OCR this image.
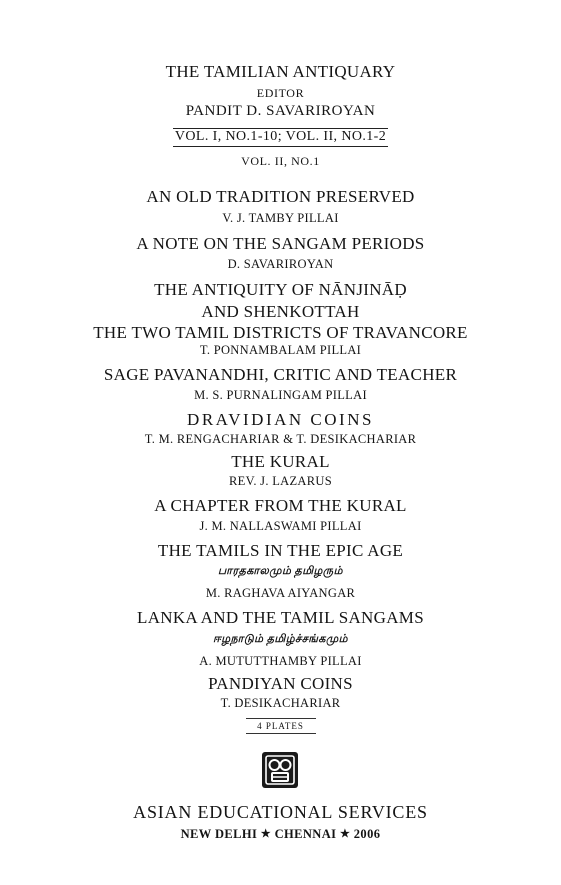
THE TAMILIAN ANTIQUARY
EDITOR
PANDIT D. SAVARIROYAN
VOL. I, NO.1-10; VOL. II, NO.1-2
VOL. II, NO.1
AN OLD TRADITION PRESERVED
V. J. TAMBY PILLAI
A NOTE ON THE SANGAM PERIODS
D. SAVARIROYAN
THE ANTIQUITY OF NĀNJINĀḌ
AND SHENKOTTAH
THE TWO TAMIL DISTRICTS OF TRAVANCORE
T. PONNAMBALAM PILLAI
SAGE PAVANANDHI, CRITIC AND TEACHER
M. S. PURNALINGAM PILLAI
DRAVIDIAN COINS
T. M. RENGACHARIAR & T. DESIKACHARIAR
THE KURAL
REV. J. LAZARUS
A CHAPTER FROM THE KURAL
J. M. NALLASWAMI PILLAI
THE TAMILS IN THE EPIC AGE
பாரதகாலமும் தமிழரும்
M. RAGHAVA AIYANGAR
LANKA AND THE TAMIL SANGAMS
ஈழநாடும் தமிழ்ச்சங்கமும்
A. MUTUTTHAMBY PILLAI
PANDIYAN COINS
T. DESIKACHARIAR
4 PLATES
ASIAN EDUCATIONAL SERVICES
NEW DELHI ★ CHENNAI ★ 2006
